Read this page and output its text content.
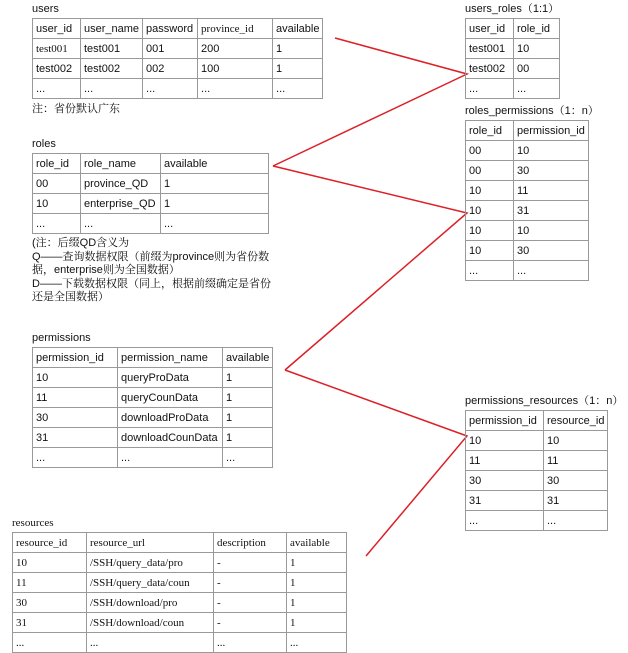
users
user_id	user_name	password	province_id	available
test001	test001	001	200	1
test002	test002	002	100	1
...	...	...	...	...
注：省份默认广东
users_roles（1:1）
user_id	role_id
test001	10
test002	00
...	...
roles
role_id	role_name	available
00	province_QD	1
10	enterprise_QD	1
...	...	...
(注：后缀QD含义为
Q——查询数据权限（前缀为province则为省份数
据，enterprise则为全国数据）
D——下载数据权限（同上，根据前缀确定是省份
还是全国数据）
roles_permissions（1：n）
role_id	permission_id
00	10
00	30
10	11
10	31
10	10
10	30
...	...
permissions
permission_id	permission_name	available
10	queryProData	1
11	queryCounData	1
30	downloadProData	1
31	downloadCounData	1
...	...	...
permissions_resources（1：n）
permission_id	resource_id
10	10
11	11
30	30
31	31
...	...
resources
resource_id	resource_url	description	available
10	/SSH/query_data/pro	-	1
11	/SSH/query_data/coun	-	1
30	/SSH/download/pro	-	1
31	/SSH/download/coun	-	1
...	...	...	...
